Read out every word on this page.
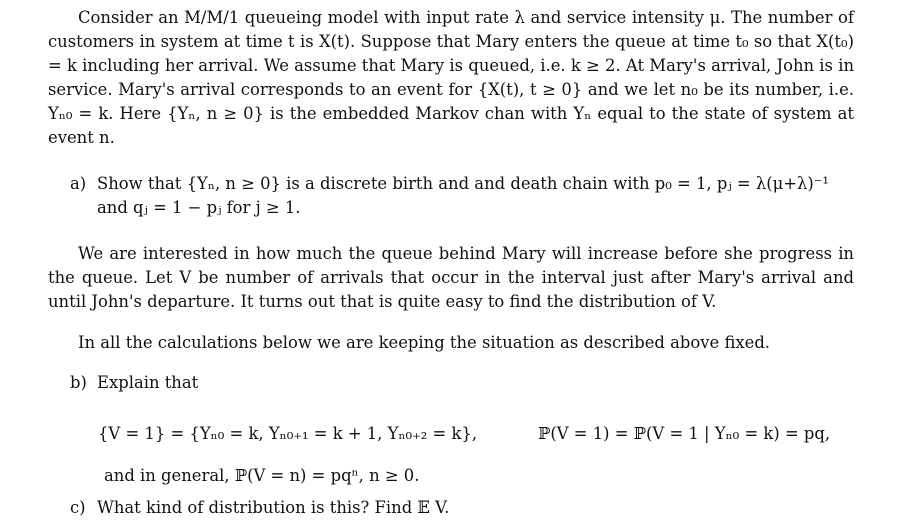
Consider an M/M/1 queueing model with input rate λ and service intensity μ. The number of customers in system at time t is X(t). Suppose that Mary enters the queue at time t₀ so that X(t₀) = k including her arrival. We assume that Mary is queued, i.e. k ≥ 2. At Mary's arrival, John is in service. Mary's arrival corresponds to an event for {X(t), t ≥ 0} and we let n₀ be its number, i.e. Yₙ₀ = k. Here {Yₙ, n ≥ 0} is the embedded Markov chan with Yₙ equal to the state of system at event n.

a) Show that {Yₙ, n ≥ 0} is a discrete birth and and death chain with p₀ = 1, pⱼ = λ(μ+λ)⁻¹
and qⱼ = 1 − pⱼ for j ≥ 1.

We are interested in how much the queue behind Mary will increase before she progress in the queue. Let V be number of arrivals that occur in the interval just after Mary's arrival and until John's departure. It turns out that is quite easy to find the distribution of V.

In all the calculations below we are keeping the situation as described above fixed.

b) Explain that
{V = 1} = {Yₙ₀ = k, Yₙ₀₊₁ = k + 1, Yₙ₀₊₂ = k},	ℙ(V = 1) = ℙ(V = 1 | Yₙ₀ = k) = pq,
and in general, ℙ(V = n) = pqⁿ, n ≥ 0.
c) What kind of distribution is this? Find 𝔼 V.
